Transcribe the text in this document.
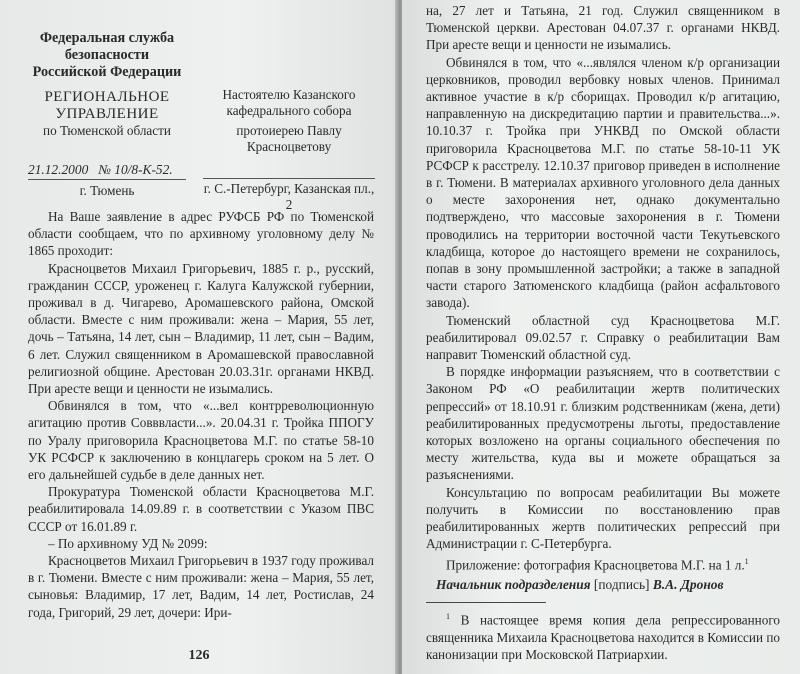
Федеральная служба безопасности Российской Федерации
РЕГИОНАЛЬНОЕ УПРАВЛЕНИЕ
по Тюменской области
Настоятелю Казанского кафедрального собора
протоиерею Павлу Красноцветову
21.12.2000 № 10/8-К-52.
г. Тюмень	г. С.-Петербург, Казанская пл., 2

На Ваше заявление в адрес РУФСБ РФ по Тюменской области сообщаем, что по архивному уголовному делу № 1865 проходит:

Красноцветов Михаил Григорьевич, 1885 г. р., русский, гражданин СССР, уроженец г. Калуга Калужской губернии, проживал в д. Чигарево, Аромашевского района, Омской области. Вместе с ним проживали: жена – Мария, 55 лет, дочь – Татьяна, 14 лет, сын – Владимир, 11 лет, сын – Вадим, 6 лет. Служил священником в Аромашевской православной религиозной общине. Арестован 20.03.31г. органами НКВД. При аресте вещи и ценности не изымались.

Обвинялся в том, что «...вел контрреволюционную агитацию против Совввласти...». 20.04.31 г. Тройка ППОГУ по Уралу приговорила Красноцветова М.Г. по статье 58-10 УК РСФСР к заключению в концлагерь сроком на 5 лет. О его дальнейшей судьбе в деле данных нет.

Прокуратура Тюменской области Красноцветова М.Г. реабилитировала 14.09.89 г. в соответствии с Указом ПВС СССР от 16.01.89 г.

– По архивному УД № 2099:

Красноцветов Михаил Григорьевич в 1937 году проживал в г. Тюмени. Вместе с ним проживали: жена – Мария, 55 лет, сыновья: Владимир, 17 лет, Вадим, 14 лет, Ростислав, 24 года, Григорий, 29 лет, дочери: Ири-

126

на, 27 лет и Татьяна, 21 год. Служил священником в Тюменской церкви. Арестован 04.07.37 г. органами НКВД. При аресте вещи и ценности не изымались.

Обвинялся в том, что «...являлся членом к/р организации церковников, проводил вербовку новых членов. Принимал активное участие в к/р сборищах. Проводил к/р агитацию, направленную на дискредитацию партии и правительства...». 10.10.37 г. Тройка при УНКВД по Омской области приговорила Красноцветова М.Г. по статье 58-10-11 УК РСФСР к расстрелу. 12.10.37 приговор приведен в исполнение в г. Тюмени. В материалах архивного уголовного дела данных о месте захоронения нет, однако документально подтверждено, что массовые захоронения в г. Тюмени проводились на территории восточной части Текутьевского кладбища, которое до настоящего времени не сохранилось, попав в зону промышленной застройки; а также в западной части старого Затюменского кладбища (район асфальтового завода).

Тюменский областной суд Красноцветова М.Г. реабилитировал 09.02.57 г. Справку о реабилитации Вам направит Тюменский областной суд.

В порядке информации разъясняем, что в соответствии с Законом РФ «О реабилитации жертв политических репрессий» от 18.10.91 г. близким родственникам (жена, дети) реабилитированных предусмотрены льготы, предоставление которых возложено на органы социального обеспечения по месту жительства, куда вы и можете обращаться за разъяснениями.

Консультацию по вопросам реабилитации Вы можете получить в Комиссии по восстановлению прав реабилитированных жертв политических репрессий при Администрации г. С-Петербурга.

Приложение: фотография Красноцветова М.Г. на 1 л.$^1$

Начальник подразделения [подпись] В.А. Дронов

$^1$ В настоящее время копия дела репрессированного священника Михаила Красноцветова находится в Комиссии по канонизации при Московской Патриархии.
